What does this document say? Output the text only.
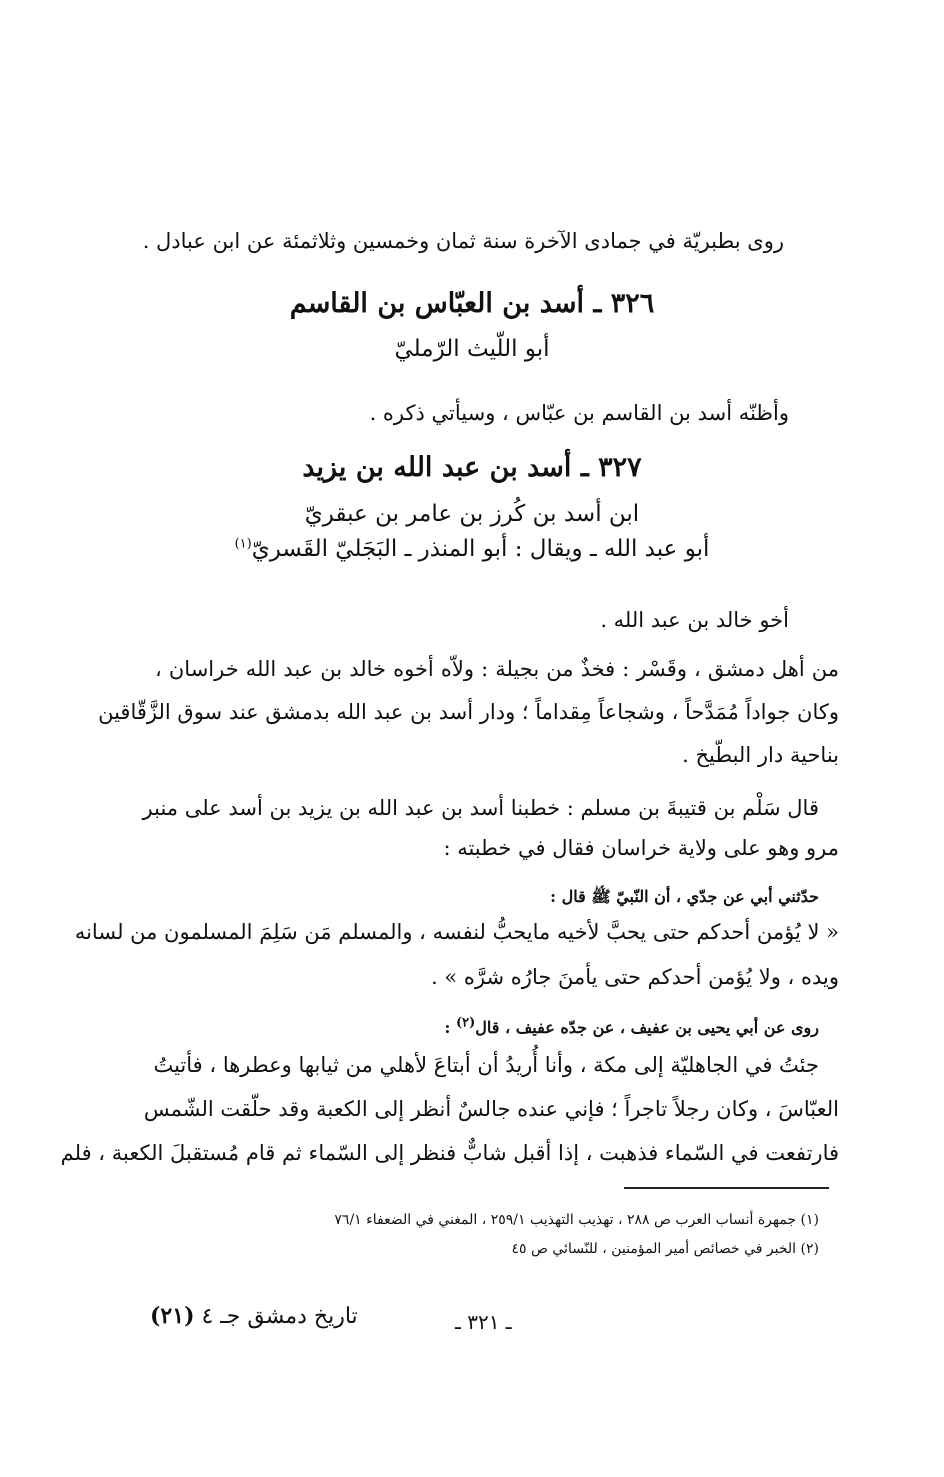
روى بطبريّة في جمادى الآخرة سنة ثمان وخمسين وثلاثمئة عن ابن عبادل .
٣٢٦ ـ أسد بن العبّاس بن القاسم
أبو اللّيث الرّمليّ
وأظنّه أسد بن القاسم بن عبّاس ، وسيأتي ذكره .
٣٢٧ ـ أسد بن عبد الله بن يزيد
ابن أسد بن كُرز بن عامر بن عبقريّ
أبو عبد الله ـ ويقال : أبو المنذر ـ البَجَليّ القَسريّ$^{(١)}$
أخو خالد بن عبد الله .
من أهل دمشق ، وقَسْر : فخذٌ من بجيلة : ولاّه أخوه خالد بن عبد الله خراسان ،
وكان جواداً مُمَدَّحاً ، وشجاعاً مِقداماً ؛ ودار أسد بن عبد الله بدمشق عند سوق الزَّقّاقين
بناحية دار البطّيخ .
قال سَلْم بن قتيبةَ بن مسلم : خطبنا أسد بن عبد الله بن يزيد بن أسد على منبر
مرو وهو على ولاية خراسان فقال في خطبته :
حدّثني أبي عن جدّي ، أن النّبيّ ﷺ قال :
« لا يُؤمن أحدكم حتى يحبَّ لأخيه مايحبُّ لنفسه ، والمسلم مَن سَلِمَ المسلمون من لسانه
ويده ، ولا يُؤمن أحدكم حتى يأمنَ جارُه شرَّه » .
روى عن أبي يحيى بن عفيف ، عن جدّه عفيف ، قال$^{(٢)}$ :
جئتُ في الجاهليّة إلى مكة ، وأنا أُريدُ أن أبتاعَ لأهلي من ثيابها وعطرها ، فأتيتُ
العبّاسَ ، وكان رجلاً تاجراً ؛ فإني عنده جالسٌ أنظر إلى الكعبة وقد حلّقت الشّمس
فارتفعت في السّماء فذهبت ، إذا أقبل شابٌّ فنظر إلى السّماء ثم قام مُستقبلَ الكعبة ، فلم
(١) جمهرة أنساب العرب ص ٢٨٨ ، تهذيب التهذيب ٢٥٩/١ ، المغني في الضعفاء ٧٦/١
(٢) الخبر في خصائص أمير المؤمنين ، للنّسائي ص ٤٥
تاريخ دمشق جـ ٤ (٢١)	ـ ٣٢١ ـ
